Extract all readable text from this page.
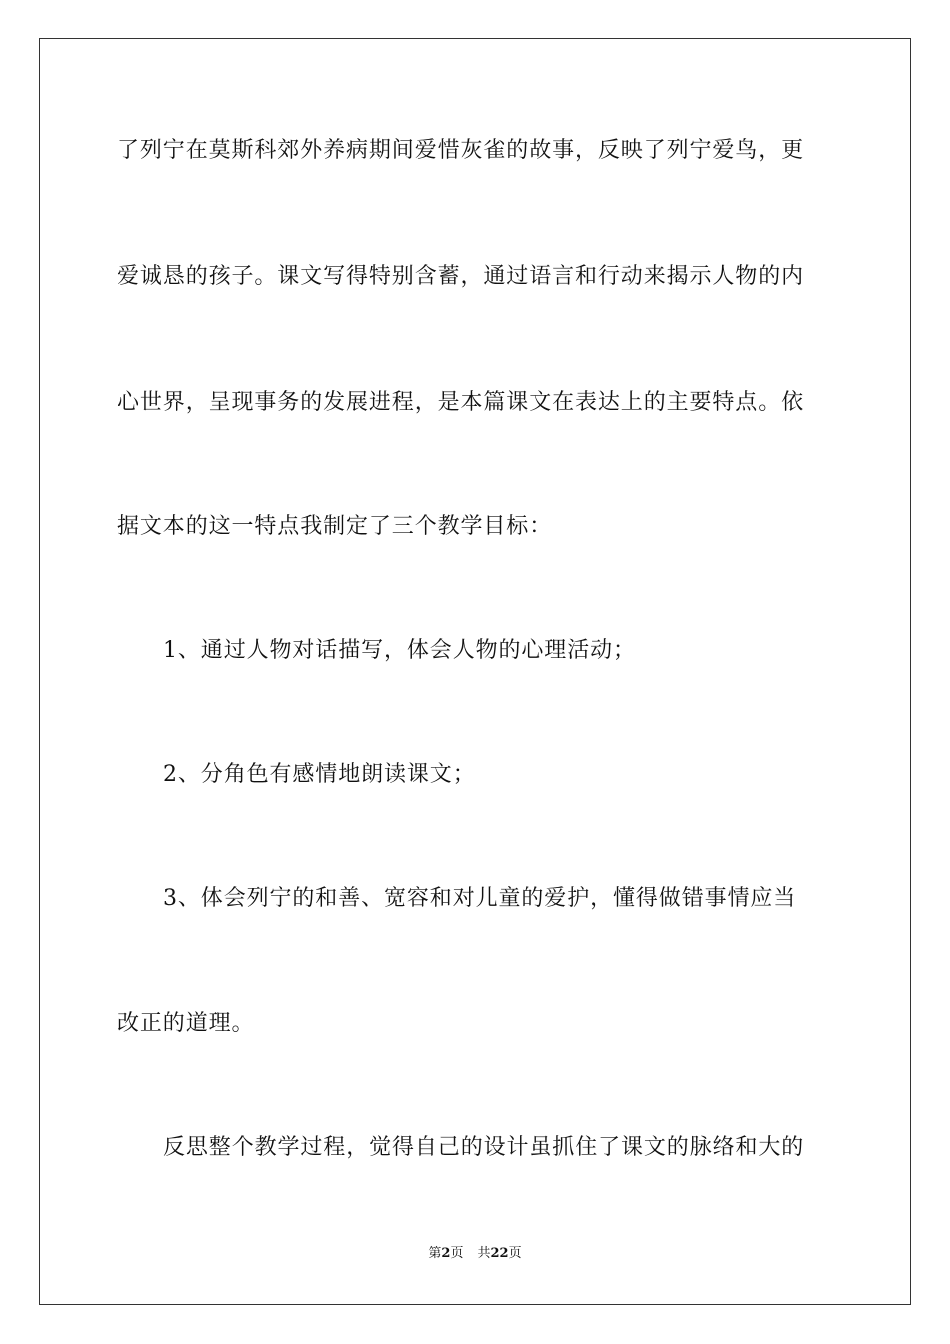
了列宁在莫斯科郊外养病期间爱惜灰雀的故事，反映了列宁爱鸟，更
爱诚恳的孩子。课文写得特别含蓄，通过语言和行动来揭示人物的内
心世界，呈现事务的发展进程，是本篇课文在表达上的主要特点。依
据文本的这一特点我制定了三个教学目标：
1、通过人物对话描写，体会人物的心理活动；
2、分角色有感情地朗读课文；
3、体会列宁的和善、宽容和对儿童的爱护，懂得做错事情应当
改正的道理。
反思整个教学过程，觉得自己的设计虽抓住了课文的脉络和大的
第2页 共22页
